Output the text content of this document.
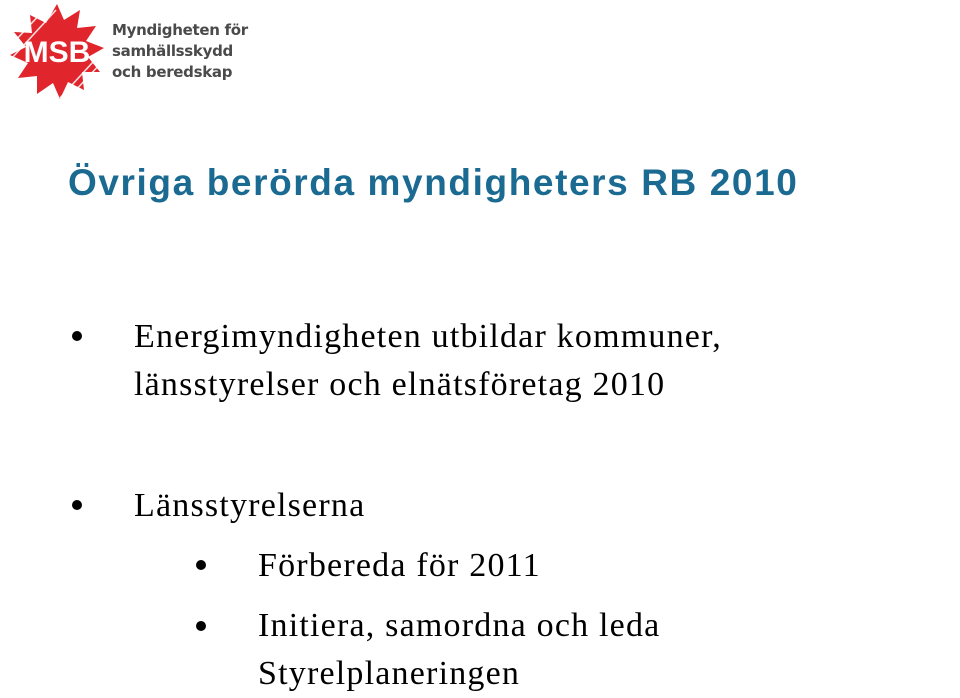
MSB
Myndigheten för
samhällsskydd
och beredskap
Övriga berörda myndigheters RB 2010
Energimyndigheten utbildar kommuner,
länsstyrelser och elnätsföretag 2010
Länsstyrelserna
Förbereda för 2011
Initiera, samordna och leda
Styrelplaneringen
